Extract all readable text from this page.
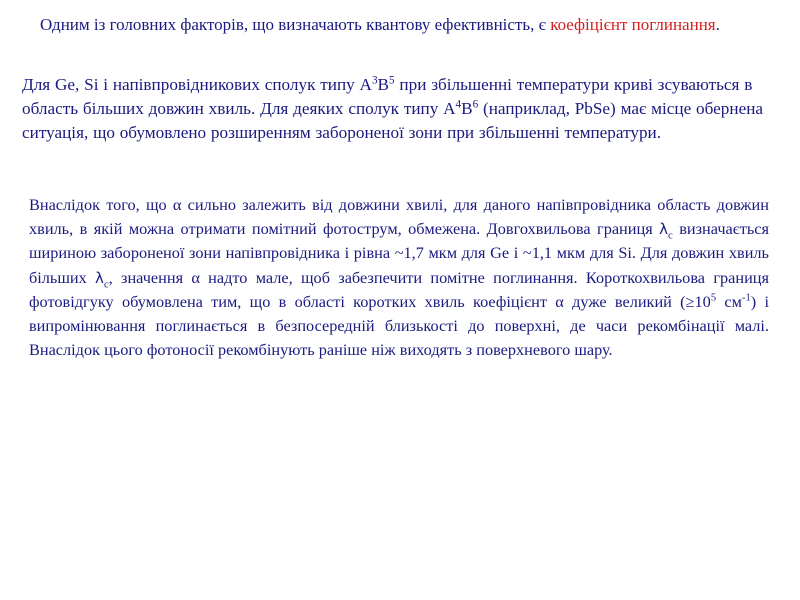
Одним із головних факторів, що визначають квантову ефективність, є коефіцієнт поглинання.

Для Ge, Si і напівпровідникових сполук типу $А^3В^5$ при збільшенні температури криві зсуваються в область більших довжин хвиль. Для деяких сполук типу $А^4В^6$ (наприклад, PbSe) має місце обернена ситуація, що обумовлено розширенням забороненої зони при збільшенні температури.

Внаслідок того, що α сильно залежить від довжини хвилі, для даного напівпровідника область довжин хвиль, в якій можна отримати помітний фотострум, обмежена. Довгохвильова границя $\lambda_c$ визначається шириною забороненої зони напівпровідника і рівна ~1,7 мкм для Ge і ~1,1 мкм для Si. Для довжин хвиль більших $\lambda_c$, значення α надто мале, щоб забезпечити помітне поглинання. Короткохвильова границя фотовідгуку обумовлена тим, що в області коротких хвиль коефіцієнт α дуже великий ($\ge 10^5$ $см^{-1}$) і випромінювання поглинається в безпосередній близькості до поверхні, де часи рекомбінації малі. Внаслідок цього фотоносії рекомбінують раніше ніж виходять з поверхневого шару.
